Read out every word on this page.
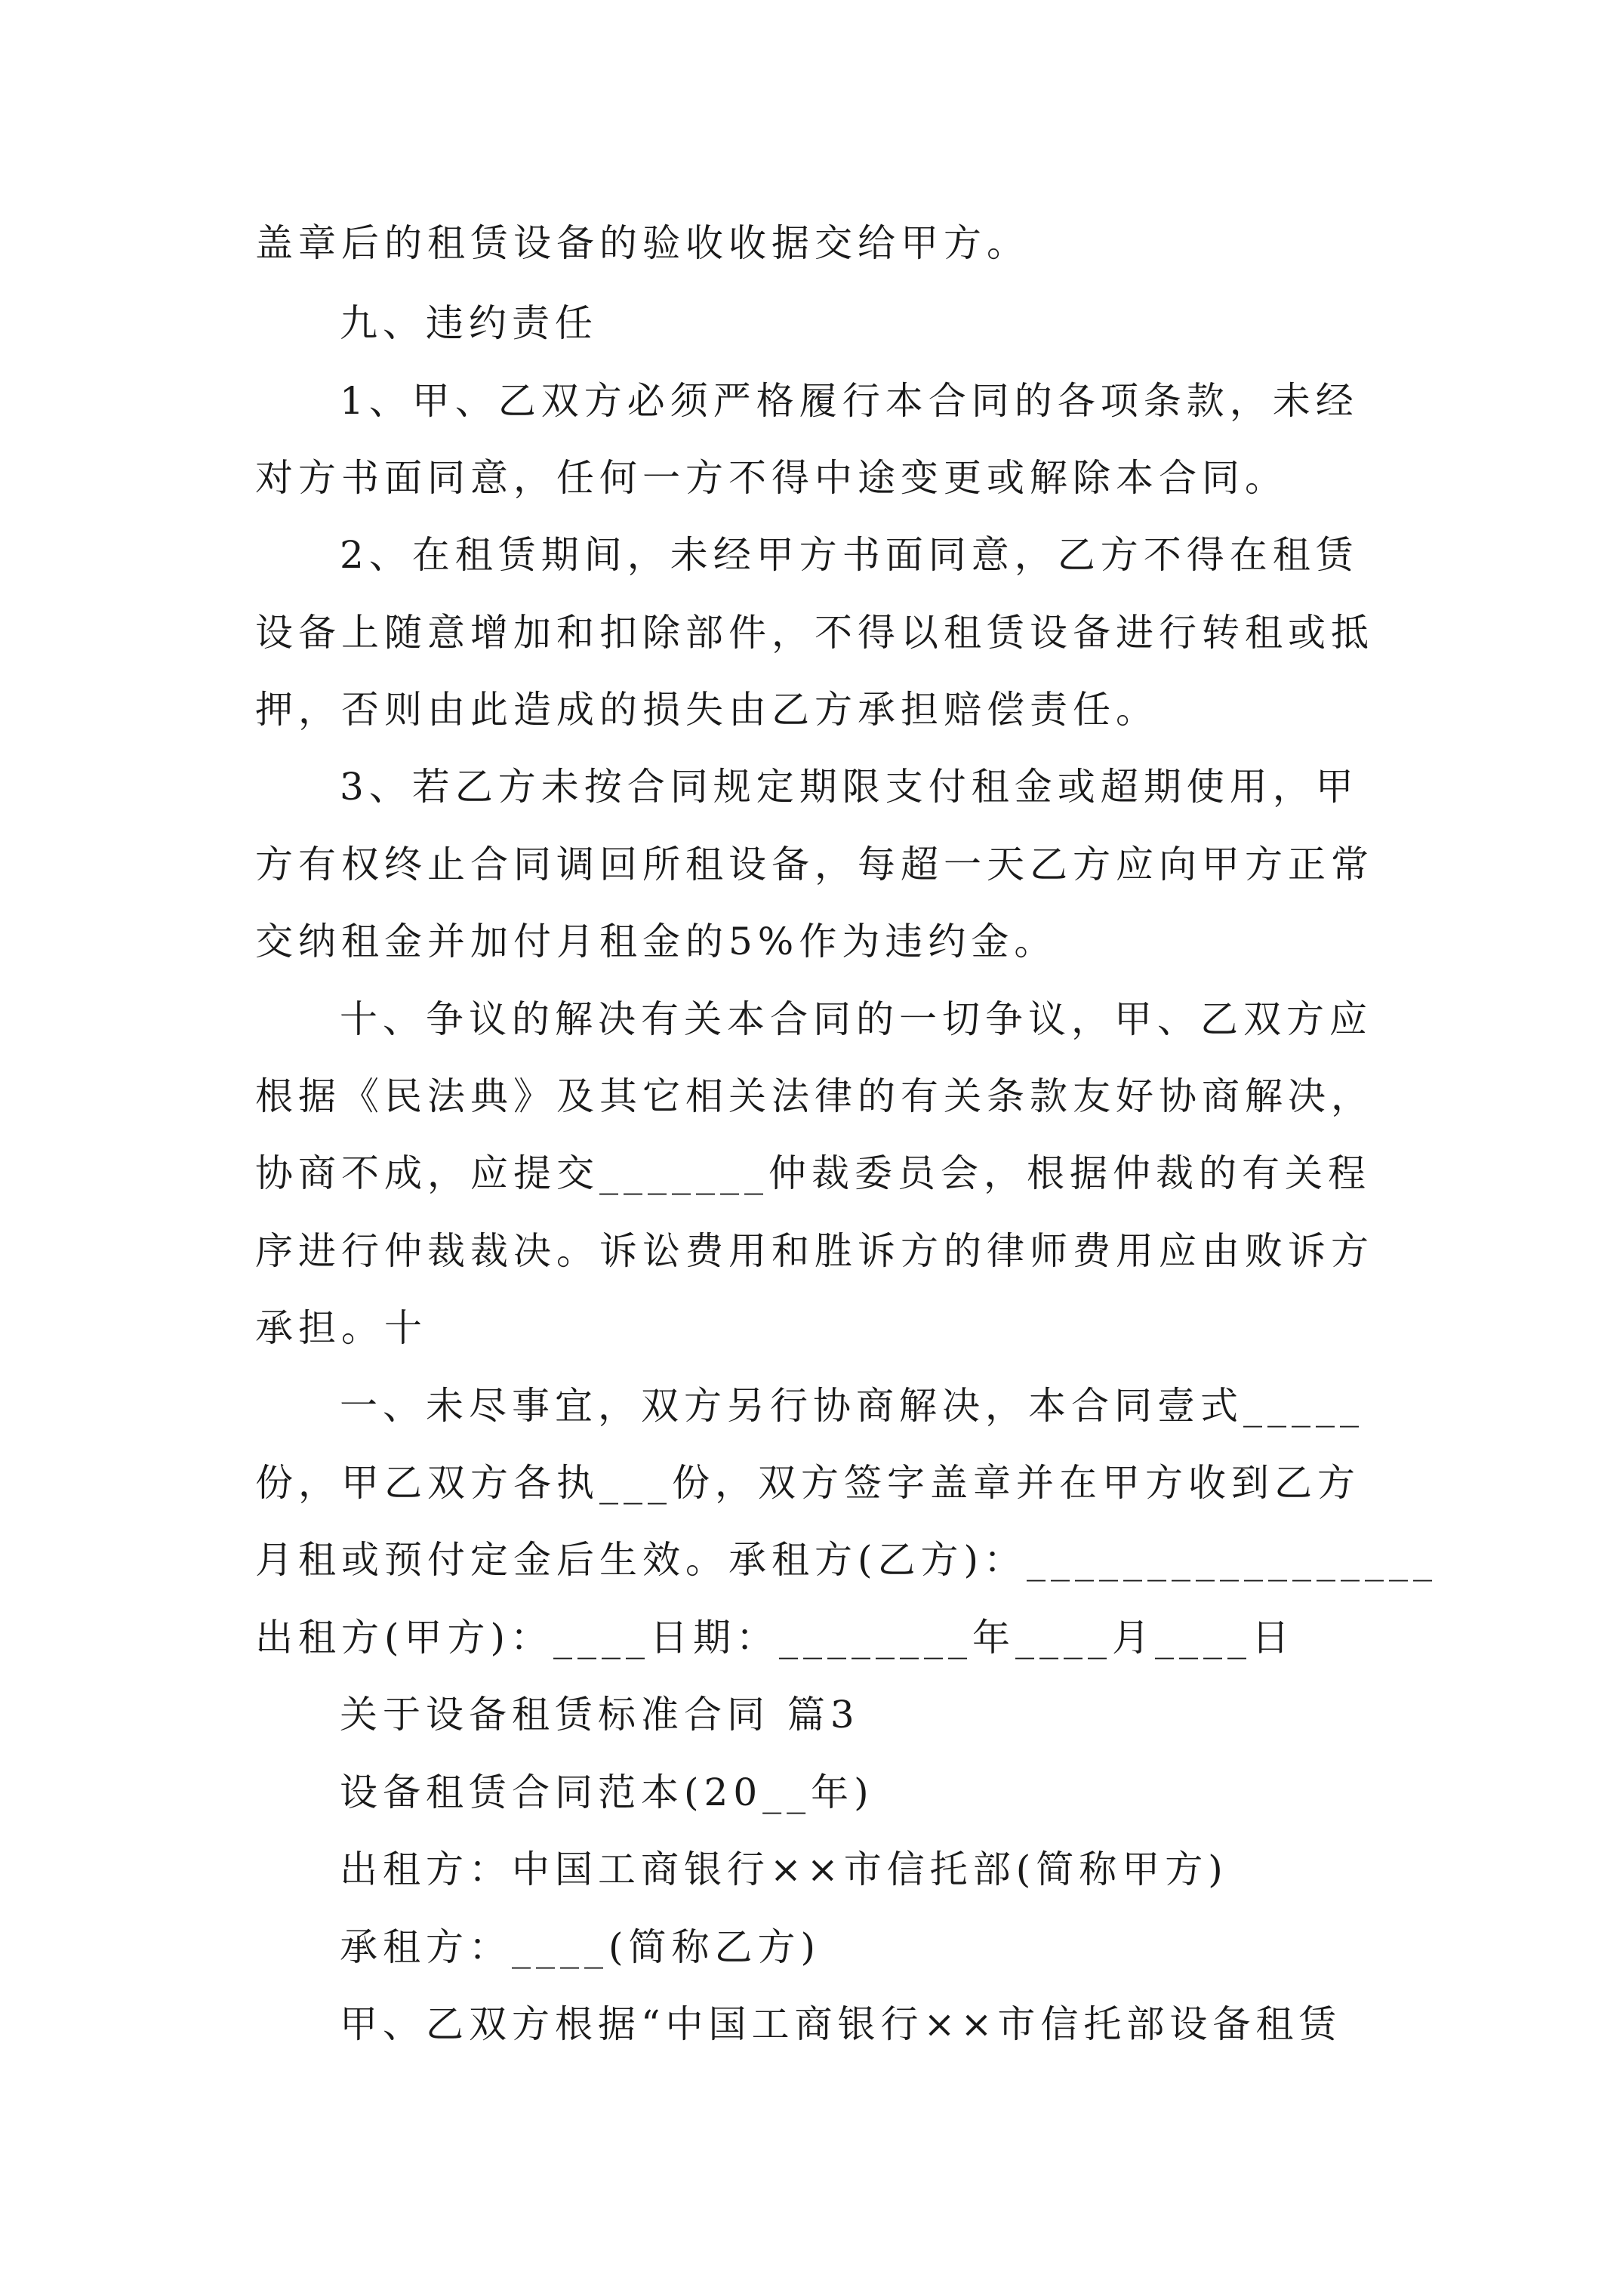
盖章后的租赁设备的验收收据交给甲方。
九、违约责任
1、甲、乙双方必须严格履行本合同的各项条款，未经
对方书面同意，任何一方不得中途变更或解除本合同。
2、在租赁期间，未经甲方书面同意，乙方不得在租赁
设备上随意增加和扣除部件，不得以租赁设备进行转租或抵
押，否则由此造成的损失由乙方承担赔偿责任。
3、若乙方未按合同规定期限支付租金或超期使用，甲
方有权终止合同调回所租设备，每超一天乙方应向甲方正常
交纳租金并加付月租金的5%作为违约金。
十、争议的解决有关本合同的一切争议，甲、乙双方应
根据《民法典》及其它相关法律的有关条款友好协商解决，
协商不成，应提交_______仲裁委员会，根据仲裁的有关程
序进行仲裁裁决。诉讼费用和胜诉方的律师费用应由败诉方
承担。十
一、未尽事宜，双方另行协商解决，本合同壹式_____
份，甲乙双方各执___份，双方签字盖章并在甲方收到乙方
月租或预付定金后生效。承租方(乙方)：_________________
出租方(甲方)：____日期：________年____月____日
关于设备租赁标准合同 篇3
设备租赁合同范本(20__年)
出租方：中国工商银行××市信托部(简称甲方)
承租方：____(简称乙方)
甲、乙双方根据“中国工商银行××市信托部设备租赁
